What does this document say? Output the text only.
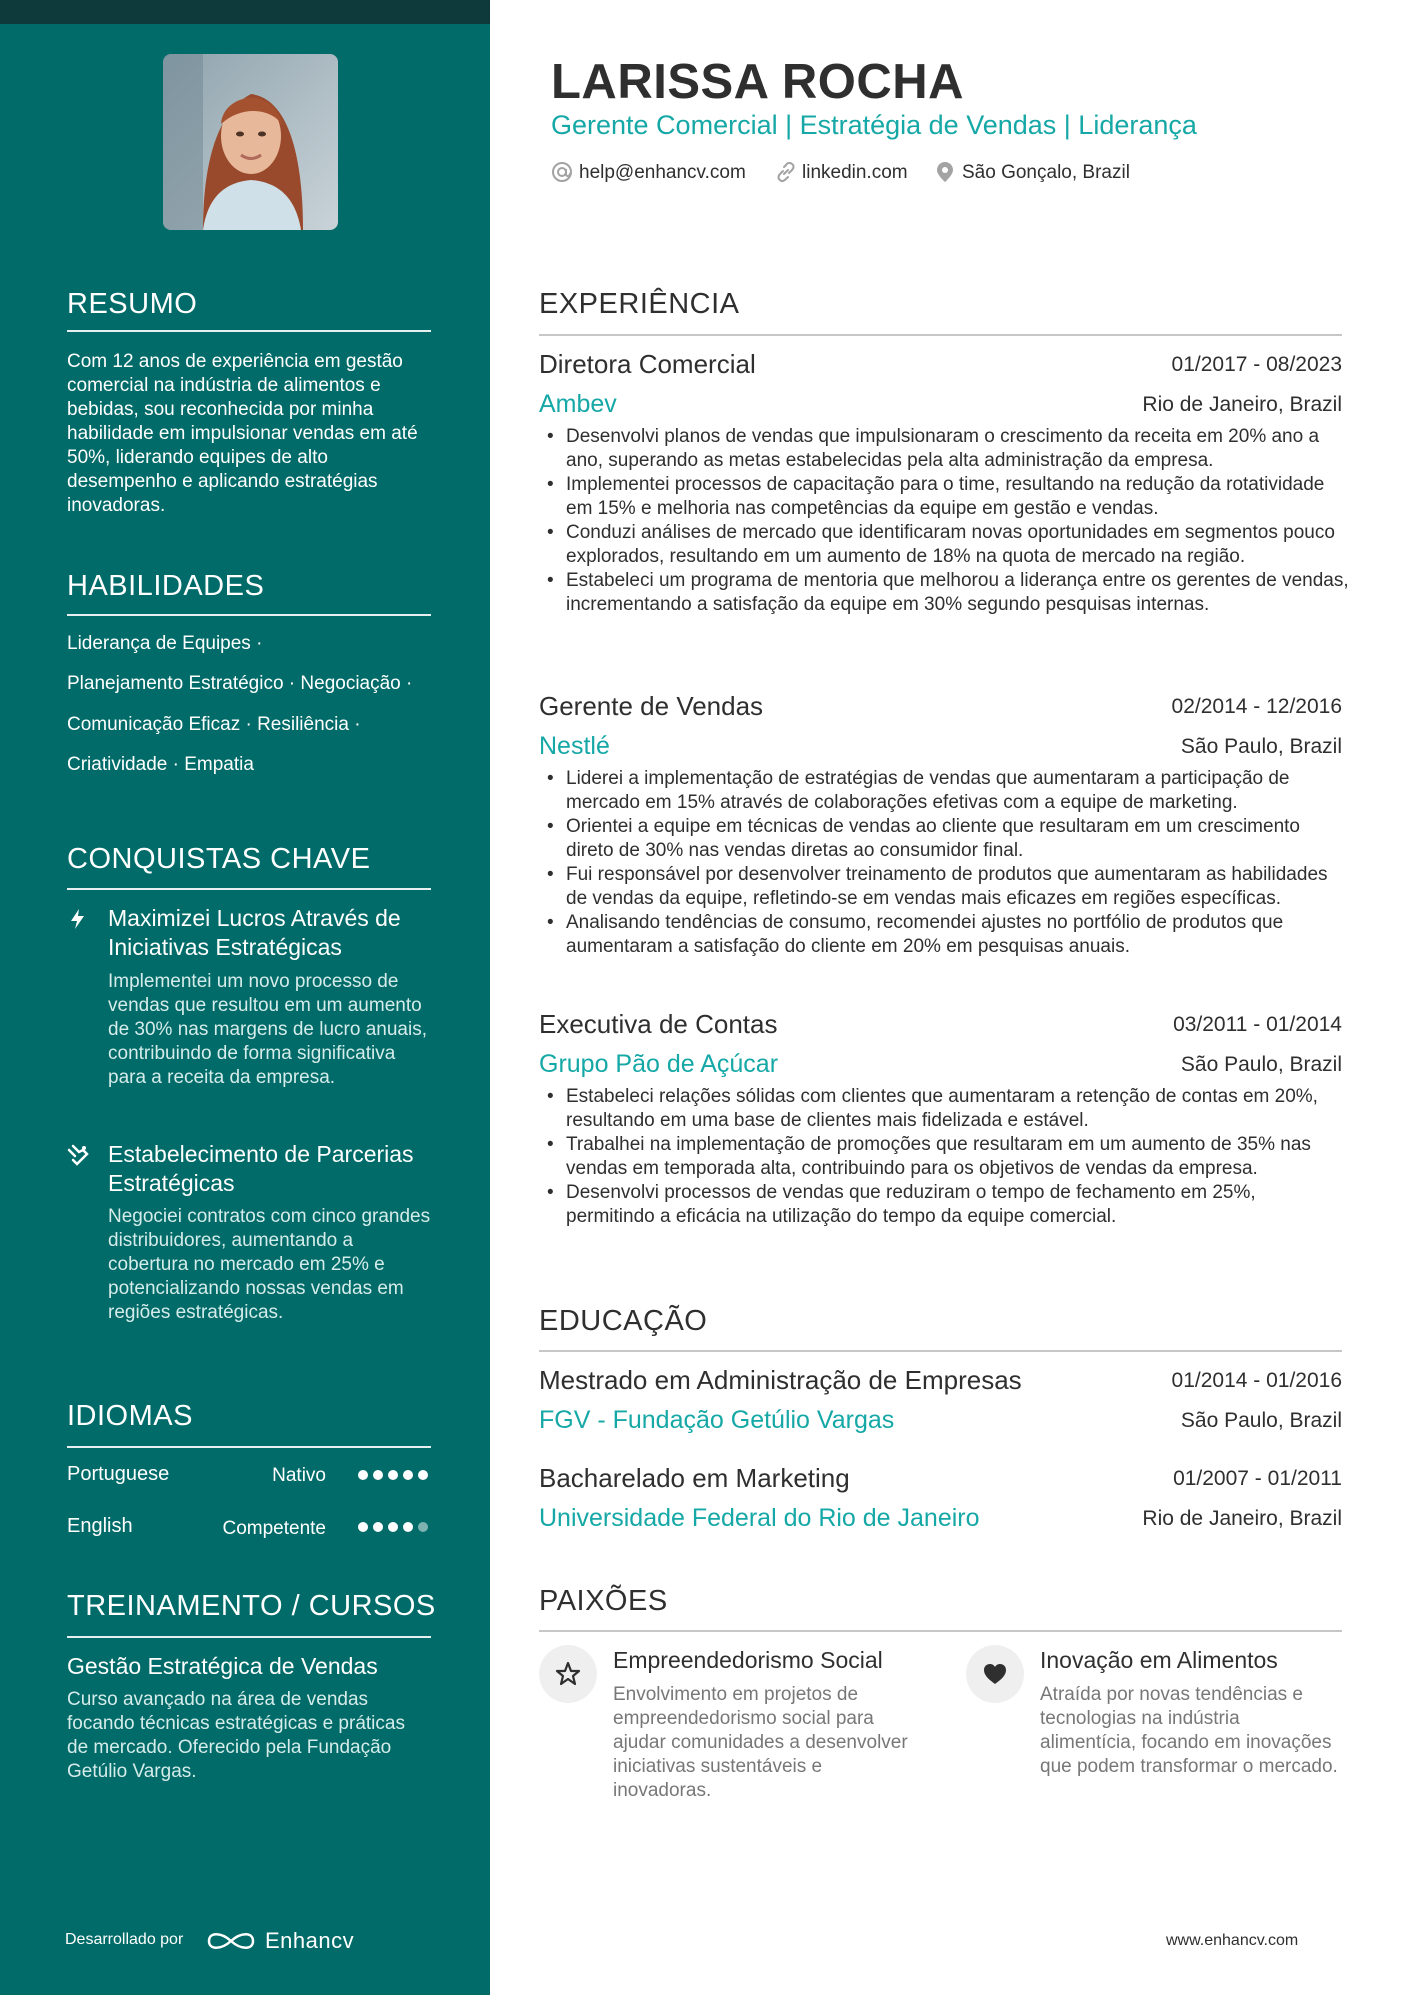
RESUMO
Com 12 anos de experiência em gestão comercial na indústria de alimentos e bebidas, sou reconhecida por minha habilidade em impulsionar vendas em até 50%, liderando equipes de alto desempenho e aplicando estratégias inovadoras.
HABILIDADES
Liderança de Equipes ·
Planejamento Estratégico · Negociação ·
Comunicação Eficaz · Resiliência ·
Criatividade · Empatia
CONQUISTAS CHAVE
Maximizei Lucros Através de Iniciativas Estratégicas
Implementei um novo processo de vendas que resultou em um aumento de 30% nas margens de lucro anuais, contribuindo de forma significativa para a receita da empresa.
Estabelecimento de Parcerias Estratégicas
Negociei contratos com cinco grandes distribuidores, aumentando a cobertura no mercado em 25% e potencializando nossas vendas em regiões estratégicas.
IDIOMAS
Portuguese	Nativo
English	Competente
TREINAMENTO / CURSOS
Gestão Estratégica de Vendas
Curso avançado na área de vendas focando técnicas estratégicas e práticas de mercado. Oferecido pela Fundação Getúlio Vargas.
Desarrollado por	Enhancv
LARISSA ROCHA
Gerente Comercial | Estratégia de Vendas | Liderança
help@enhancv.com	linkedin.com	São Gonçalo, Brazil
EXPERIÊNCIA
Diretora Comercial	01/2017 - 08/2023
Ambev	Rio de Janeiro, Brazil
• Desenvolvi planos de vendas que impulsionaram o crescimento da receita em 20% ano a ano, superando as metas estabelecidas pela alta administração da empresa.
• Implementei processos de capacitação para o time, resultando na redução da rotatividade em 15% e melhoria nas competências da equipe em gestão e vendas.
• Conduzi análises de mercado que identificaram novas oportunidades em segmentos pouco explorados, resultando em um aumento de 18% na quota de mercado na região.
• Estabeleci um programa de mentoria que melhorou a liderança entre os gerentes de vendas, incrementando a satisfação da equipe em 30% segundo pesquisas internas.
Gerente de Vendas	02/2014 - 12/2016
Nestlé	São Paulo, Brazil
• Liderei a implementação de estratégias de vendas que aumentaram a participação de mercado em 15% através de colaborações efetivas com a equipe de marketing.
• Orientei a equipe em técnicas de vendas ao cliente que resultaram em um crescimento direto de 30% nas vendas diretas ao consumidor final.
• Fui responsável por desenvolver treinamento de produtos que aumentaram as habilidades de vendas da equipe, refletindo-se em vendas mais eficazes em regiões específicas.
• Analisando tendências de consumo, recomendei ajustes no portfólio de produtos que aumentaram a satisfação do cliente em 20% em pesquisas anuais.
Executiva de Contas	03/2011 - 01/2014
Grupo Pão de Açúcar	São Paulo, Brazil
• Estabeleci relações sólidas com clientes que aumentaram a retenção de contas em 20%, resultando em uma base de clientes mais fidelizada e estável.
• Trabalhei na implementação de promoções que resultaram em um aumento de 35% nas vendas em temporada alta, contribuindo para os objetivos de vendas da empresa.
• Desenvolvi processos de vendas que reduziram o tempo de fechamento em 25%, permitindo a eficácia na utilização do tempo da equipe comercial.
EDUCAÇÃO
Mestrado em Administração de Empresas	01/2014 - 01/2016
FGV - Fundação Getúlio Vargas	São Paulo, Brazil
Bacharelado em Marketing	01/2007 - 01/2011
Universidade Federal do Rio de Janeiro	Rio de Janeiro, Brazil
PAIXÕES
Empreendedorismo Social
Envolvimento em projetos de empreendedorismo social para ajudar comunidades a desenvolver iniciativas sustentáveis e inovadoras.
Inovação em Alimentos
Atraída por novas tendências e tecnologias na indústria alimentícia, focando em inovações que podem transformar o mercado.
www.enhancv.com
